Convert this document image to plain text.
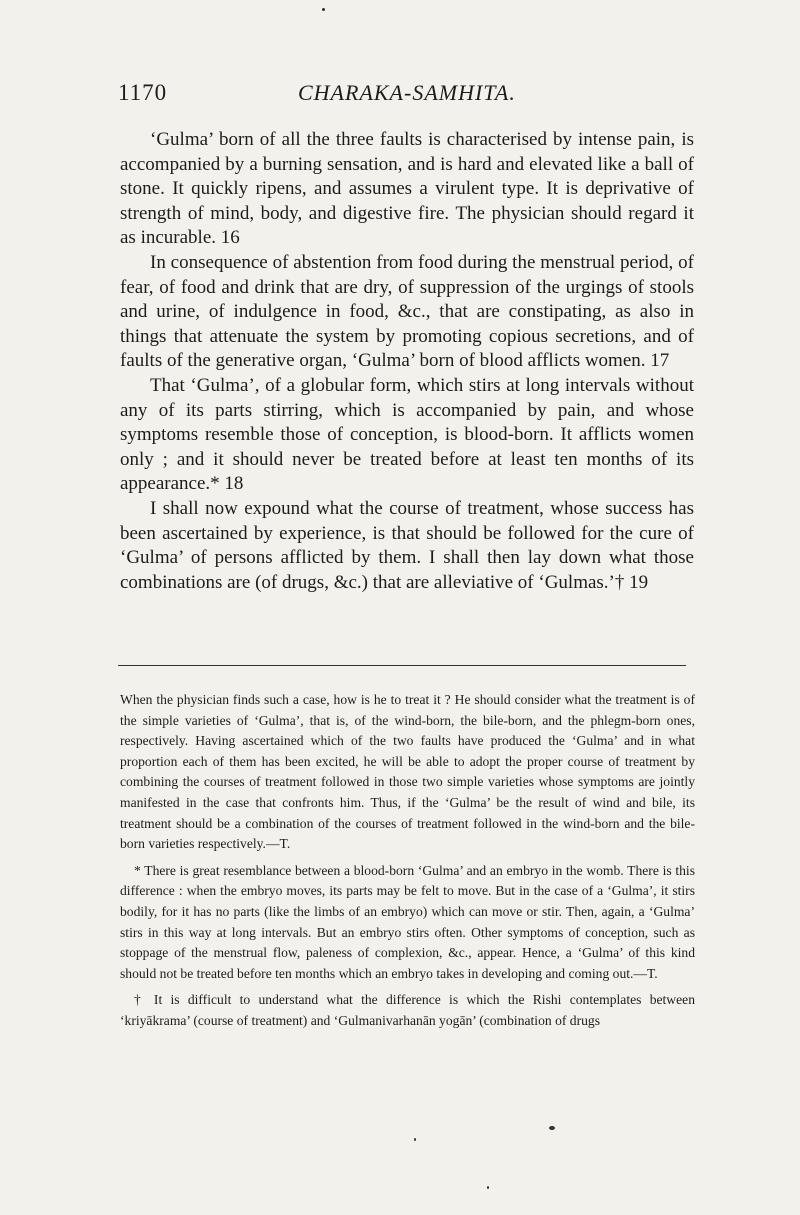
1170	CHARAKA-SAMHITA.

‘Gulma’ born of all the three faults is characterised by intense pain, is accompanied by a burning sensation, and is hard and elevated like a ball of stone. It quickly ripens, and assumes a virulent type. It is deprivative of strength of mind, body, and digestive fire. The physician should regard it as incurable. 16

In consequence of abstention from food during the menstrual period, of fear, of food and drink that are dry, of suppression of the urgings of stools and urine, of indulgence in food, &c., that are constipating, as also in things that attenuate the system by promoting copious secretions, and of faults of the generative organ, ‘Gulma’ born of blood afflicts women. 17

That ‘Gulma’, of a globular form, which stirs at long intervals without any of its parts stirring, which is accompanied by pain, and whose symptoms resemble those of conception, is blood-born. It afflicts women only ; and it should never be treated before at least ten months of its appearance.* 18

I shall now expound what the course of treatment, whose success has been ascertained by experience, is that should be followed for the cure of ‘Gulma’ of persons afflicted by them. I shall then lay down what those combinations are (of drugs, &c.) that are alleviative of ‘Gulmas.’† 19

When the physician finds such a case, how is he to treat it ? He should consider what the treatment is of the simple varieties of ‘Gulma’, that is, of the wind-born, the bile-born, and the phlegm-born ones, respectively. Having ascertained which of the two faults have produced the ‘Gulma’ and in what proportion each of them has been excited, he will be able to adopt the proper course of treatment by combining the courses of treatment followed in those two simple varieties whose symptoms are jointly manifested in the case that confronts him. Thus, if the ‘Gulma’ be the result of wind and bile, its treatment should be a combination of the courses of treatment followed in the wind-born and the bile-born varieties respectively.—T.

* There is great resemblance between a blood-born ‘Gulma’ and an embryo in the womb. There is this difference : when the embryo moves, its parts may be felt to move. But in the case of a ‘Gulma’, it stirs bodily, for it has no parts (like the limbs of an embryo) which can move or stir. Then, again, a ‘Gulma’ stirs in this way at long intervals. But an embryo stirs often. Other symptoms of conception, such as stoppage of the menstrual flow, paleness of complexion, &c., appear. Hence, a ‘Gulma’ of this kind should not be treated before ten months which an embryo takes in developing and coming out.—T.

† It is difficult to understand what the difference is which the Rishi contemplates between ‘kriyākrama’ (course of treatment) and ‘Gulmanivarhanān yogān’ (combination of drugs
